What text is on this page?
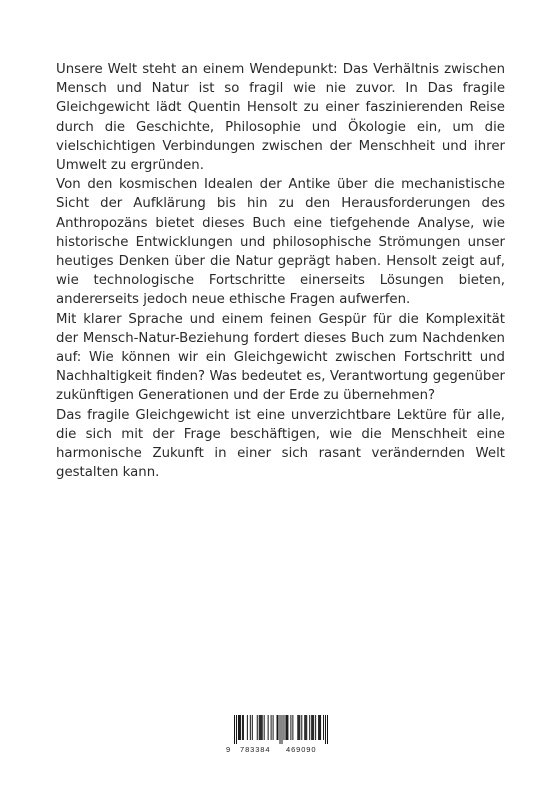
Unsere Welt steht an einem Wendepunkt: Das Verhältnis zwischen Mensch und Natur ist so fragil wie nie zuvor. In Das fragile Gleichgewicht lädt Quentin Hensolt zu einer faszinierenden Reise durch die Geschichte, Philosophie und Ökologie ein, um die vielschichtigen Verbindungen zwischen der Menschheit und ihrer Umwelt zu ergründen.

Von den kosmischen Idealen der Antike über die mechanistische Sicht der Aufklärung bis hin zu den Herausforderungen des Anthropozäns bietet dieses Buch eine tiefgehende Analyse, wie historische Entwicklungen und philosophische Strömungen unser heutiges Denken über die Natur geprägt haben. Hensolt zeigt auf, wie technologische Fortschritte einerseits Lösungen bieten, andererseits jedoch neue ethische Fragen aufwerfen.

Mit klarer Sprache und einem feinen Gespür für die Komplexität der Mensch-Natur-Beziehung fordert dieses Buch zum Nachdenken auf: Wie können wir ein Gleichgewicht zwischen Fortschritt und Nachhaltigkeit finden? Was bedeutet es, Verantwortung gegenüber zukünftigen Generationen und der Erde zu übernehmen?

Das fragile Gleichgewicht ist eine unverzichtbare Lektüre für alle, die sich mit der Frage beschäftigen, wie die Menschheit eine harmonische Zukunft in einer sich rasant verändernden Welt gestalten kann.

9 783384 469090
